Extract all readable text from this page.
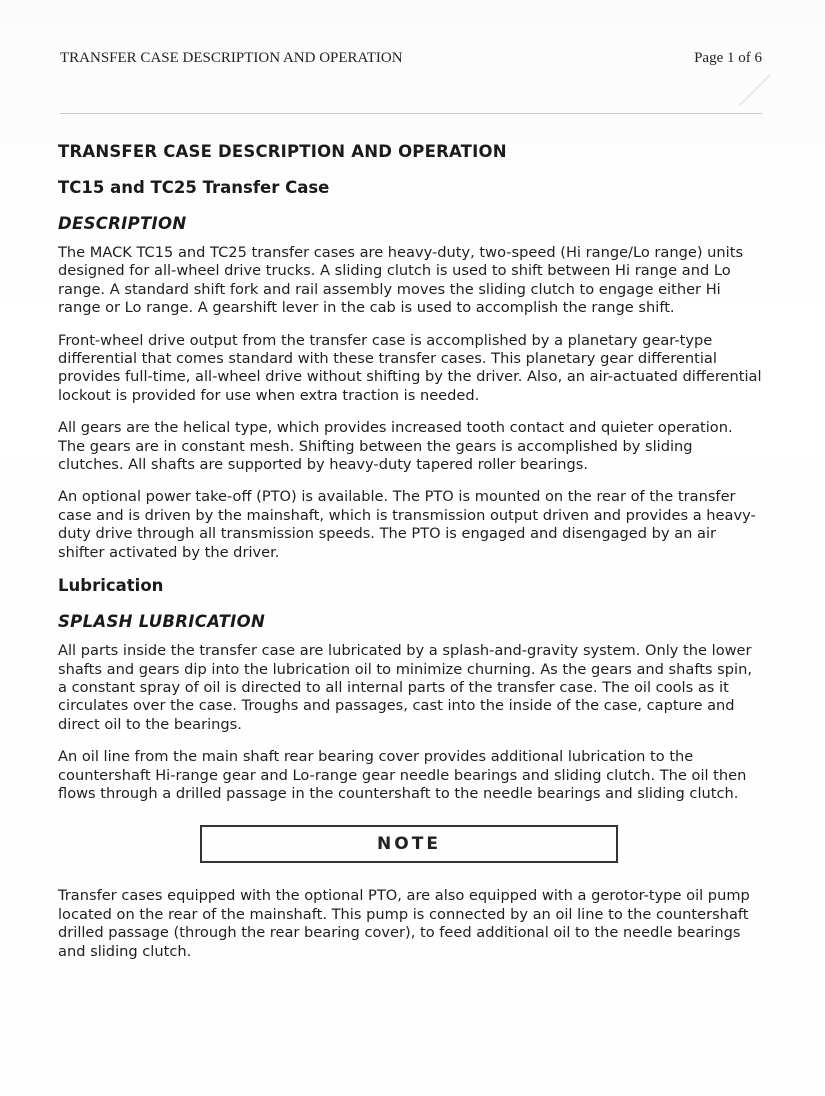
TRANSFER CASE DESCRIPTION AND OPERATION	Page 1 of 6
TRANSFER CASE DESCRIPTION AND OPERATION
TC15 and TC25 Transfer Case
DESCRIPTION

The MACK TC15 and TC25 transfer cases are heavy-duty, two-speed (Hi range/Lo range) units designed for all-wheel drive trucks. A sliding clutch is used to shift between Hi range and Lo range. A standard shift fork and rail assembly moves the sliding clutch to engage either Hi range or Lo range. A gearshift lever in the cab is used to accomplish the range shift.

Front-wheel drive output from the transfer case is accomplished by a planetary gear-type differential that comes standard with these transfer cases. This planetary gear differential provides full-time, all-wheel drive without shifting by the driver. Also, an air-actuated differential lockout is provided for use when extra traction is needed.

All gears are the helical type, which provides increased tooth contact and quieter operation. The gears are in constant mesh. Shifting between the gears is accomplished by sliding clutches. All shafts are supported by heavy-duty tapered roller bearings.

An optional power take-off (PTO) is available. The PTO is mounted on the rear of the transfer case and is driven by the mainshaft, which is transmission output driven and provides a heavy-duty drive through all transmission speeds. The PTO is engaged and disengaged by an air shifter activated by the driver.

Lubrication
SPLASH LUBRICATION

All parts inside the transfer case are lubricated by a splash-and-gravity system. Only the lower shafts and gears dip into the lubrication oil to minimize churning. As the gears and shafts spin, a constant spray of oil is directed to all internal parts of the transfer case. The oil cools as it circulates over the case. Troughs and passages, cast into the inside of the case, capture and direct oil to the bearings.

An oil line from the main shaft rear bearing cover provides additional lubrication to the countershaft Hi-range gear and Lo-range gear needle bearings and sliding clutch. The oil then flows through a drilled passage in the countershaft to the needle bearings and sliding clutch.

NOTE

Transfer cases equipped with the optional PTO, are also equipped with a gerotor-type oil pump located on the rear of the mainshaft. This pump is connected by an oil line to the countershaft drilled passage (through the rear bearing cover), to feed additional oil to the needle bearings and sliding clutch.
